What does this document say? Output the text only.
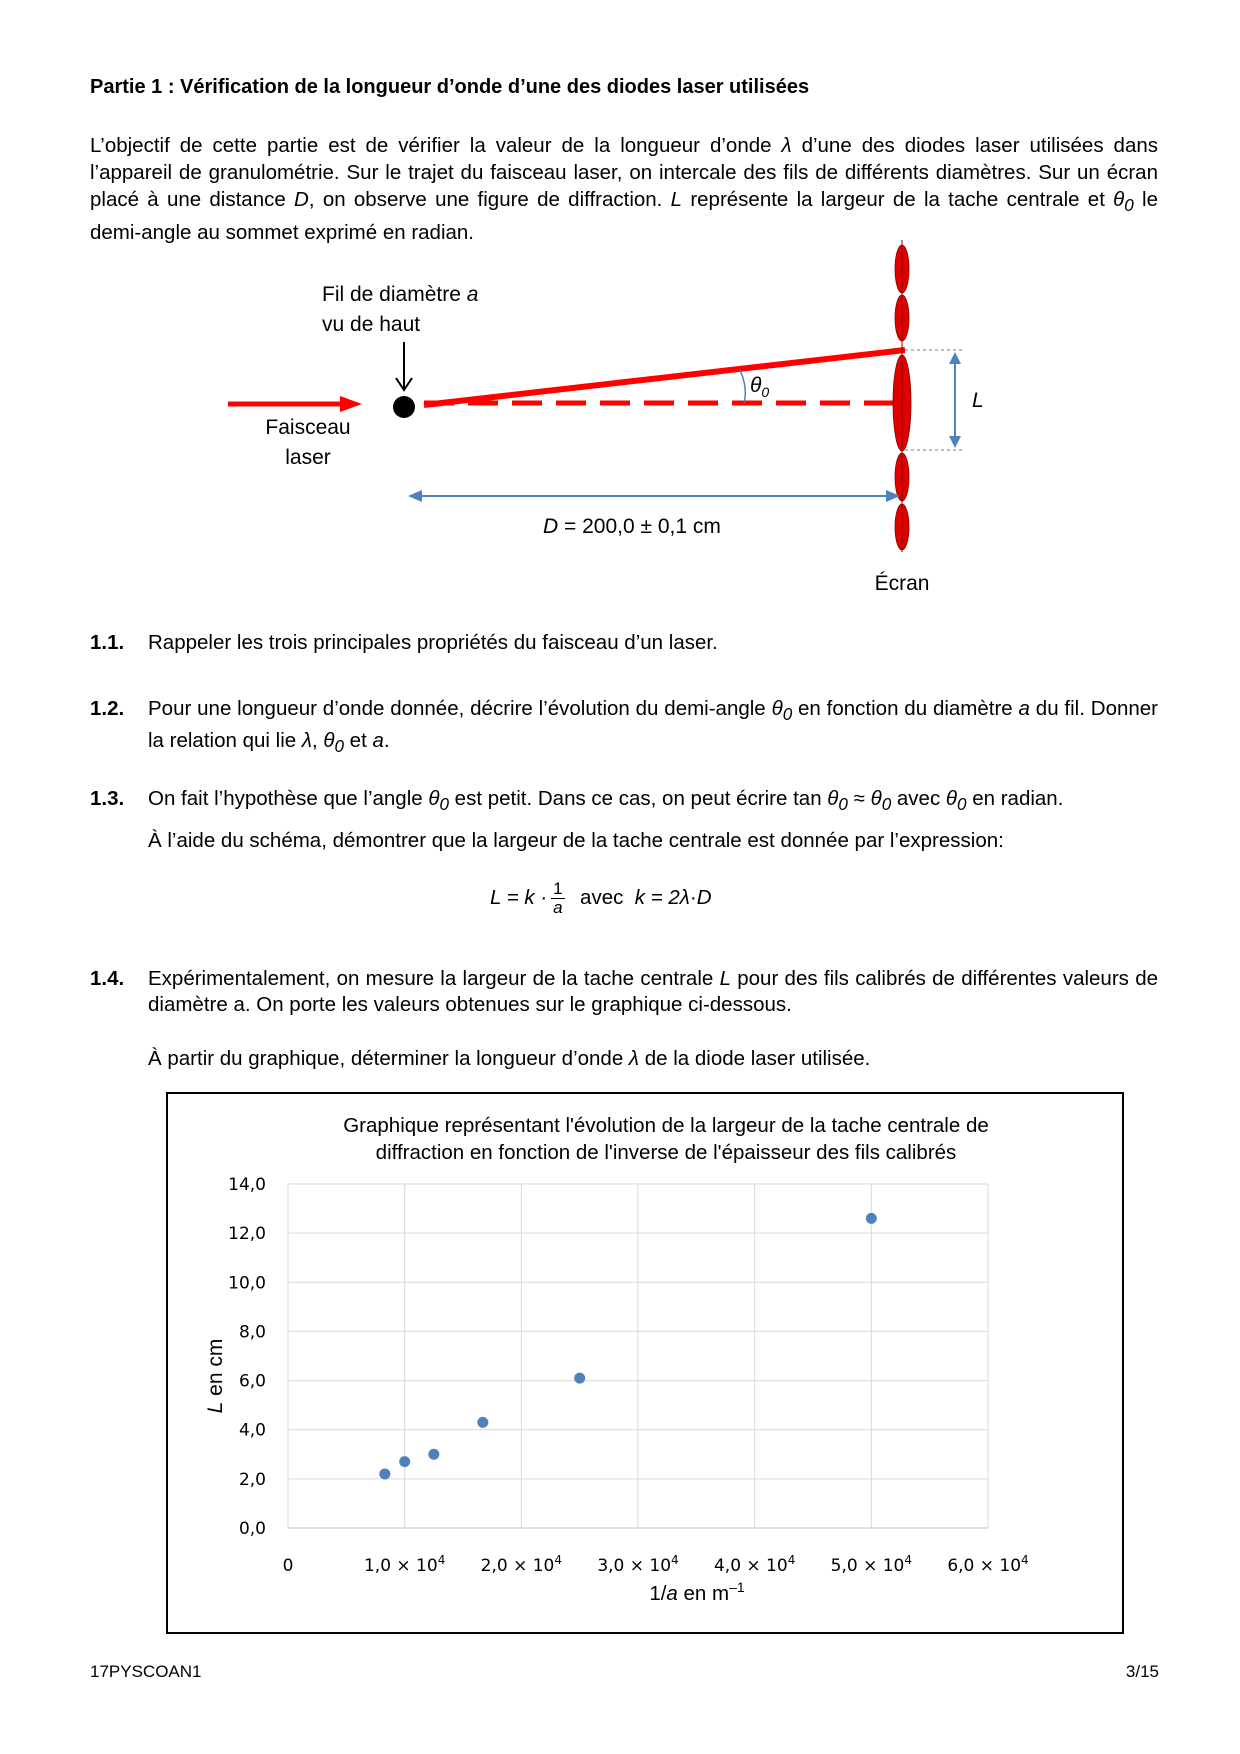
Partie 1 : Vérification de la longueur d’onde d’une des diodes laser utilisées
L’objectif de cette partie est de vérifier la valeur de la longueur d’onde λ d’une des diodes laser utilisées dans l’appareil de granulométrie. Sur le trajet du faisceau laser, on intercale des fils de différents diamètres. Sur un écran placé à une distance D, on observe une figure de diffraction. L représente la largeur de la tache centrale et $\theta_0$ le demi-angle au sommet exprimé en radian.
Fil de diamètre a
vu de haut
Faisceau
laser
$\theta_0$	L
D = 200,0 ± 0,1 cm
Écran
1.1. Rappeler les trois principales propriétés du faisceau d’un laser.
1.2. Pour une longueur d’onde donnée, décrire l’évolution du demi-angle $\theta_0$ en fonction du diamètre a du fil. Donner la relation qui lie λ, $\theta_0$ et a.
1.3. On fait l’hypothèse que l’angle $\theta_0$ est petit. Dans ce cas, on peut écrire $\tan \theta_0 \approx \theta_0$ avec $\theta_0$ en radian.
À l’aide du schéma, démontrer que la largeur de la tache centrale est donnée par l’expression:
$L = k \cdot \frac{1}{a}$ avec k = 2λ·D
1.4. Expérimentalement, on mesure la largeur de la tache centrale L pour des fils calibrés de différentes valeurs de diamètre a. On porte les valeurs obtenues sur le graphique ci-dessous.
À partir du graphique, déterminer la longueur d’onde λ de la diode laser utilisée.
Graphique représentant l'évolution de la largeur de la tache centrale de
diffraction en fonction de l'inverse de l'épaisseur des fils calibrés
0,0
2,0
4,0
6,0
8,0
10,0
12,0
14,0
0	$1,0 \times 10^4$ $2,0 \times 10^4$ $3,0 \times 10^4$ $4,0 \times 10^4$ $5,0 \times 10^4$ $6,0 \times 10^4$
1/a en $m^{-1}$
L en cm
17PYSCOAN1	3/15
